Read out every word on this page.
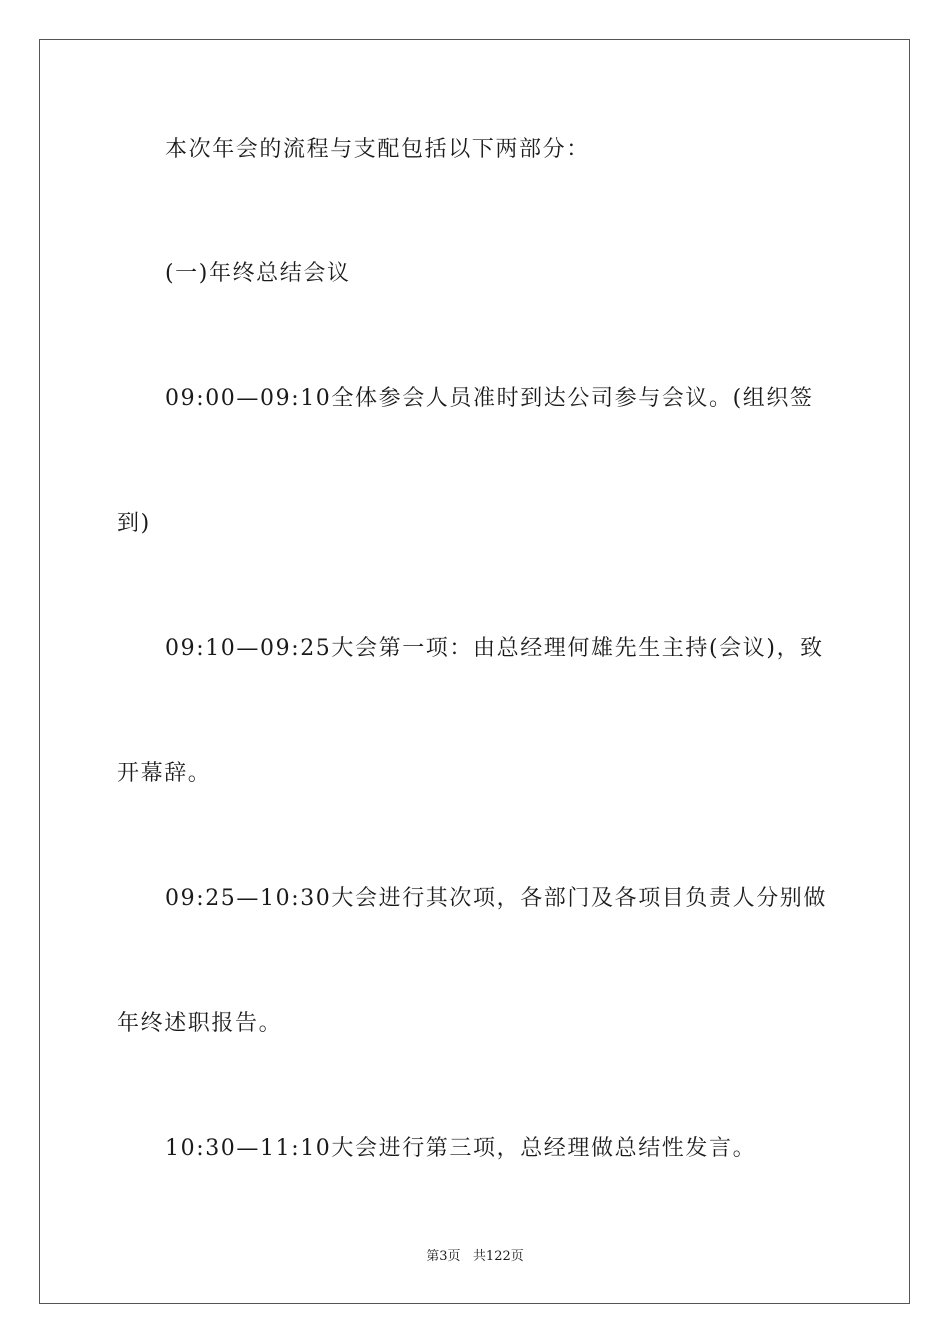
本次年会的流程与支配包括以下两部分：
(一)年终总结会议
09:00—09:10全体参会人员准时到达公司参与会议。(组织签
到)
09:10—09:25大会第一项：由总经理何雄先生主持(会议)，致
开幕辞。
09:25—10:30大会进行其次项，各部门及各项目负责人分别做
年终述职报告。
10:30—11:10大会进行第三项，总经理做总结性发言。
第3页 共122页
